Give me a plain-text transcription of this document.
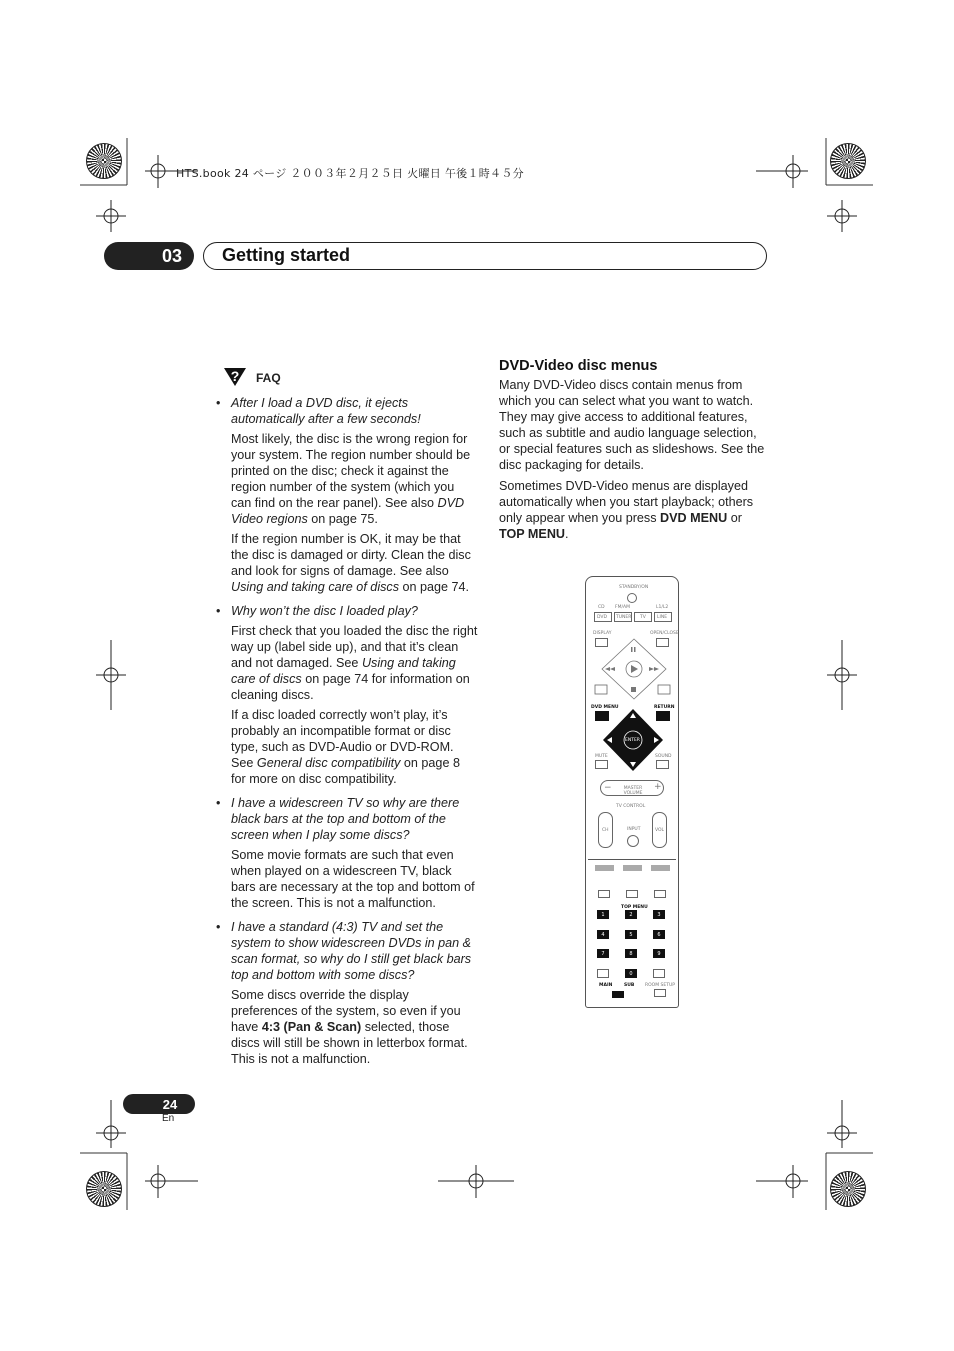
HTS.book 24 ページ ２００３年２月２５日 火曜日 午後１時４５分
03	Getting started
? FAQ
• After I load a DVD disc, it ejects automatically after a few seconds!
Most likely, the disc is the wrong region for your system. The region number should be printed on the disc; check it against the region number of the system (which you can find on the rear panel). See also DVD Video regions on page 75.
If the region number is OK, it may be that the disc is damaged or dirty. Clean the disc and look for signs of damage. See also Using and taking care of discs on page 74.
• Why won’t the disc I loaded play?
First check that you loaded the disc the right way up (label side up), and that it’s clean and not damaged. See Using and taking care of discs on page 74 for information on cleaning discs.
If a disc loaded correctly won’t play, it’s probably an incompatible format or disc type, such as DVD-Audio or DVD-ROM. See General disc compatibility on page 8 for more on disc compatibility.
• I have a widescreen TV so why are there black bars at the top and bottom of the screen when I play some discs?
Some movie formats are such that even when played on a widescreen TV, black bars are necessary at the top and bottom of the screen. This is not a malfunction.
• I have a standard (4:3) TV and set the system to show widescreen DVDs in pan & scan format, so why do I still get black bars top and bottom with some discs?
Some discs override the display preferences of the system, so even if you have 4:3 (Pan & Scan) selected, those discs will still be shown in letterbox format. This is not a malfunction.
DVD-Video disc menus
Many DVD-Video discs contain menus from which you can select what you want to watch. They may give access to additional features, such as subtitle and audio language selection, or special features such as slideshows. See the disc packaging for details.
Sometimes DVD-Video menus are displayed automatically when you start playback; others only appear when you press DVD MENU or TOP MENU.
STANDBY/ON
CD FM/AM	L1/L2
DVD TUNER TV LINE
DISPLAY	OPEN/CLOSE
DVD MENU	RETURN
ENTER
MUTE	SOUND
−	+
MASTER VOLUME
TV CONTROL
CH	INPUT	VOL
TOP MENU
1	2	3
4	5	6
7	8	9
0
MAIN	SUB ROOM SETUP
24
En
